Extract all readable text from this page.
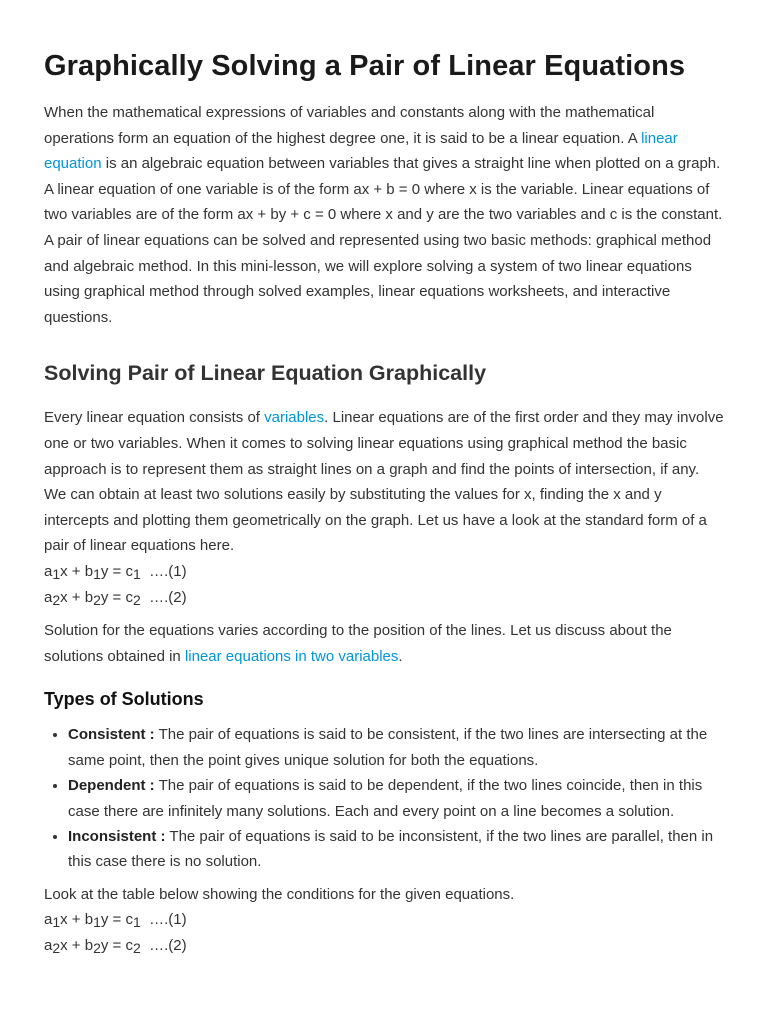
Graphically Solving a Pair of Linear Equations

When the mathematical expressions of variables and constants along with the mathematical operations form an equation of the highest degree one, it is said to be a linear equation. A linear equation is an algebraic equation between variables that gives a straight line when plotted on a graph. A linear equation of one variable is of the form ax + b = 0 where x is the variable. Linear equations of two variables are of the form ax + by + c = 0 where x and y are the two variables and c is the constant. A pair of linear equations can be solved and represented using two basic methods: graphical method and algebraic method. In this mini-lesson, we will explore solving a system of two linear equations using graphical method through solved examples, linear equations worksheets, and interactive questions.

Solving Pair of Linear Equation Graphically

Every linear equation consists of variables. Linear equations are of the first order and they may involve one or two variables. When it comes to solving linear equations using graphical method the basic approach is to represent them as straight lines on a graph and find the points of intersection, if any. We can obtain at least two solutions easily by substituting the values for x, finding the x and y intercepts and plotting them geometrically on the graph. Let us have a look at the standard form of a pair of linear equations here.

$a_1x + b_1y = c_1$  ….(1)
$a_2x + b_2y = c_2$  ….(2)

Solution for the equations varies according to the position of the lines. Let us discuss about the solutions obtained in linear equations in two variables.

Types of Solutions
• Consistent : The pair of equations is said to be consistent, if the two lines are intersecting at the same point, then the point gives unique solution for both the equations.
• Dependent : The pair of equations is said to be dependent, if the two lines coincide, then in this case there are infinitely many solutions. Each and every point on a line becomes a solution.
• Inconsistent : The pair of equations is said to be inconsistent, if the two lines are parallel, then in this case there is no solution.

Look at the table below showing the conditions for the given equations.

$a_1x + b_1y = c_1$  ….(1)
$a_2x + b_2y = c_2$  ….(2)
